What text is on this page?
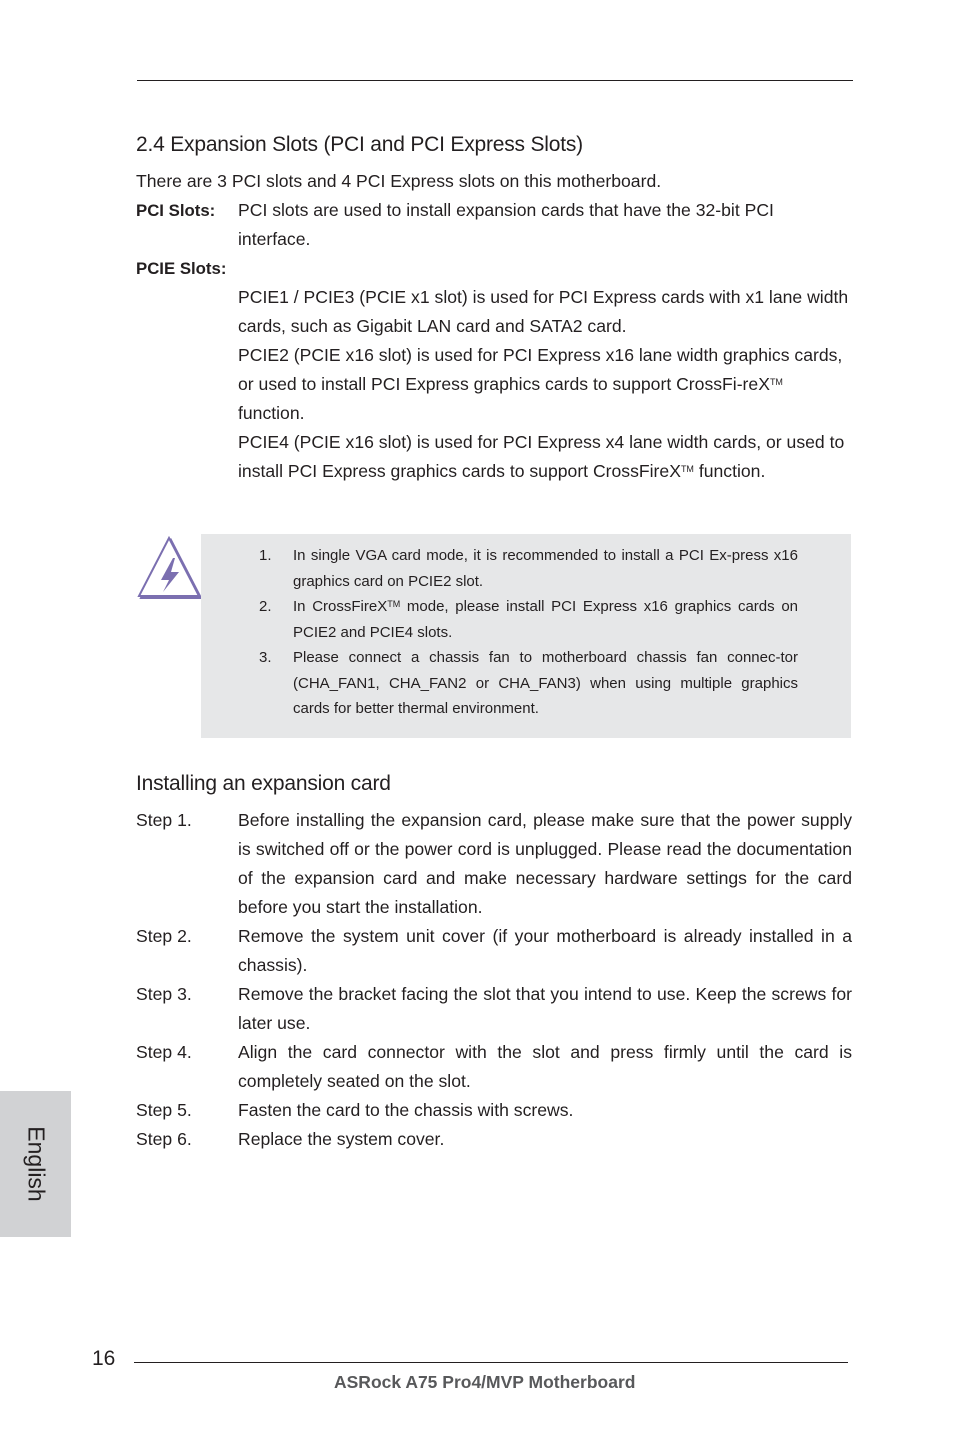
2.4 Expansion Slots (PCI and PCI Express Slots)
There are 3 PCI slots and 4 PCI Express slots on this motherboard.
PCI Slots: PCI slots are used to install expansion cards that have the 32-bit PCI interface.
PCIE Slots:

PCIE1 / PCIE3 (PCIE x1 slot) is used for PCI Express cards with x1 lane width cards, such as Gigabit LAN card and SATA2 card.

PCIE2 (PCIE x16 slot) is used for PCI Express x16 lane width graphics cards, or used to install PCI Express graphics cards to support CrossFi-reX™ function.

PCIE4 (PCIE x16 slot) is used for PCI Express x4 lane width cards, or used to install PCI Express graphics cards to support CrossFireX™ function.

1. In single VGA card mode, it is recommended to install a PCI Ex-press x16 graphics card on PCIE2 slot.
2. In CrossFireX™ mode, please install PCI Express x16 graphics cards on PCIE2 and PCIE4 slots.
3. Please connect a chassis fan to motherboard chassis fan connec-tor (CHA_FAN1, CHA_FAN2 or CHA_FAN3) when using multiple graphics cards for better thermal environment.
Installing an expansion card
Step 1.	Before installing the expansion card, please make sure that the power supply is switched off or the power cord is unplugged. Please read the documentation of the expansion card and make necessary hardware settings for the card before you start the installation.
Step 2.	Remove the system unit cover (if your motherboard is already installed in a chassis).
Step 3.	Remove the bracket facing the slot that you intend to use. Keep the screws for later use.
Step 4.	Align the card connector with the slot and press firmly until the card is completely seated on the slot.
Step 5.	Fasten the card to the chassis with screws.
Step 6.	Replace the system cover.
English
16
ASRock A75 Pro4/MVP Motherboard
